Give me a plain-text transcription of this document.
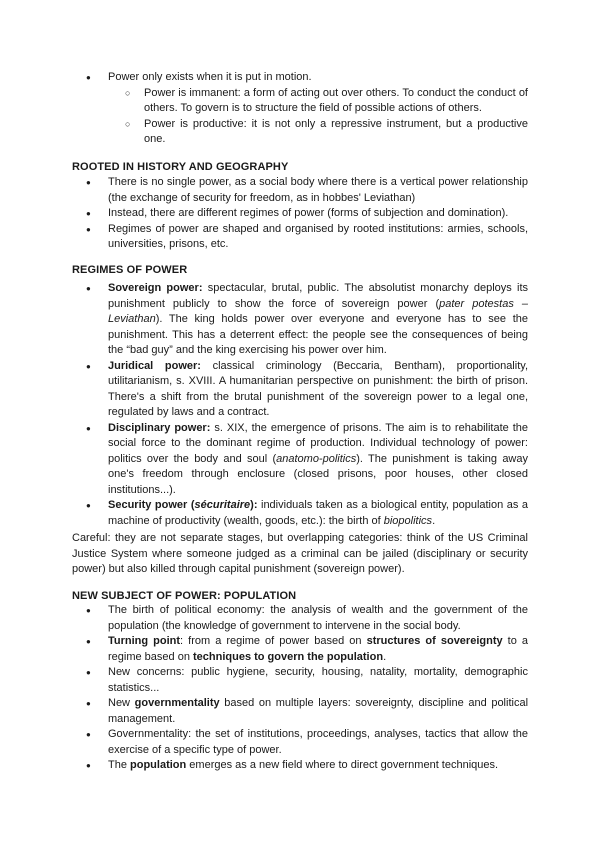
● Power only exists when it is put in motion.
○ Power is immanent: a form of acting out over others. To conduct the conduct of others. To govern is to structure the field of possible actions of others.
○ Power is productive: it is not only a repressive instrument, but a productive one.
ROOTED IN HISTORY AND GEOGRAPHY
● There is no single power, as a social body where there is a vertical power relationship (the exchange of security for freedom, as in hobbes' Leviathan)
● Instead, there are different regimes of power (forms of subjection and domination).
● Regimes of power are shaped and organised by rooted institutions: armies, schools, universities, prisons, etc.
REGIMES OF POWER
● Sovereign power: spectacular, brutal, public. The absolutist monarchy deploys its punishment publicly to show the force of sovereign power (pater potestas – Leviathan). The king holds power over everyone and everyone has to see the punishment. This has a deterrent effect: the people see the consequences of being the “bad guy” and the king exercising his power over him.
● Juridical power: classical criminology (Beccaria, Bentham), proportionality, utilitarianism, s. XVIII. A humanitarian perspective on punishment: the birth of prison. There's a shift from the brutal punishment of the sovereign power to a legal one, regulated by laws and a contract.
● Disciplinary power: s. XIX, the emergence of prisons. The aim is to rehabilitate the social force to the dominant regime of production. Individual technology of power: politics over the body and soul (anatomo-politics). The punishment is taking away one's freedom through enclosure (closed prisons, poor houses, other closed institutions...).
● Security power (sécuritaire): individuals taken as a biological entity, population as a machine of productivity (wealth, goods, etc.): the birth of biopolitics.

Careful: they are not separate stages, but overlapping categories: think of the US Criminal Justice System where someone judged as a criminal can be jailed (disciplinary or security power) but also killed through capital punishment (sovereign power).

NEW SUBJECT OF POWER: POPULATION
● The birth of political economy: the analysis of wealth and the government of the population (the knowledge of government to intervene in the social body.
● Turning point: from a regime of power based on structures of sovereignty to a regime based on techniques to govern the population.
● New concerns: public hygiene, security, housing, natality, mortality, demographic statistics...
● New governmentality based on multiple layers: sovereignty, discipline and political management.
● Governmentality: the set of institutions, proceedings, analyses, tactics that allow the exercise of a specific type of power.
● The population emerges as a new field where to direct government techniques.
